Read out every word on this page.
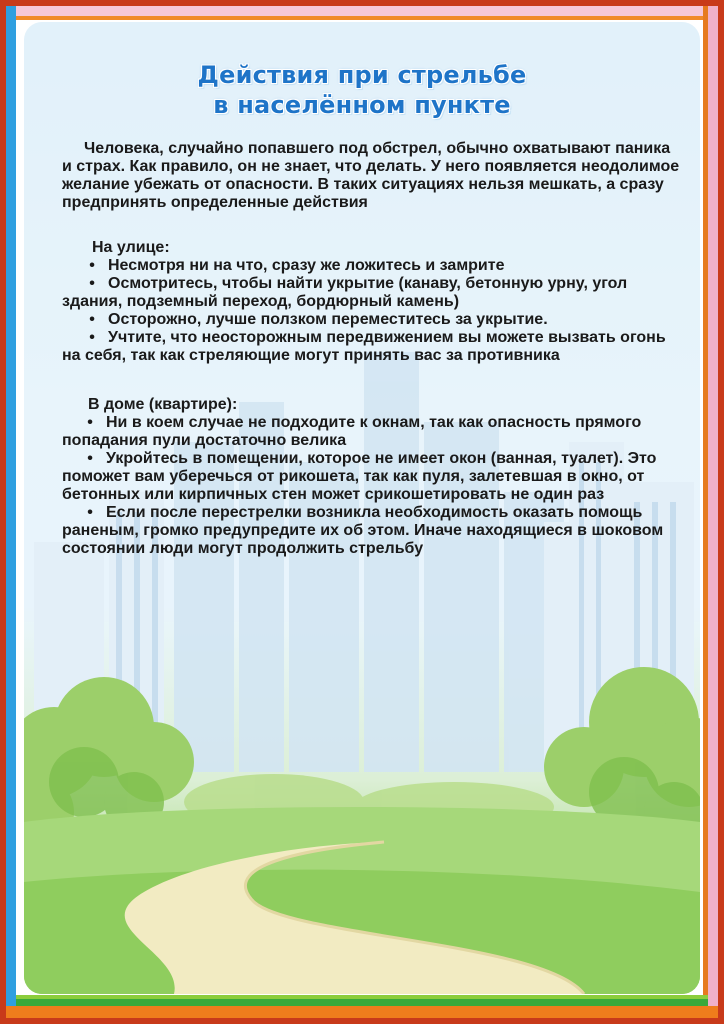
Действия при стрельбе
в населённом пункте

Человека, случайно попавшего под обстрел, обычно охватывают паника и страх. Как правило, он не знает, что делать. У него появляется неодолимое желание убежать от опасности. В таких ситуациях нельзя мешкать, а сразу предпринять определенные действия

На улице:

• Несмотря ни на что, сразу же ложитесь и замрите
• Осмотритесь, чтобы найти укрытие (канаву, бетонную урну, угол здания, подземный переход, бордюрный камень)
• Осторожно, лучше ползком переместитесь за укрытие.
• Учтите, что неосторожным передвижением вы можете вызвать огонь на себя, так как стреляющие могут принять вас за противника

В доме (квартире):

• Ни в коем случае не подходите к окнам, так как опасность прямого попадания пули достаточно велика
• Укройтесь в помещении, которое не имеет окон (ванная, туалет). Это поможет вам уберечься от рикошета, так как пуля, залетевшая в окно, от бетонных или кирпичных стен может срикошетировать не один раз
• Если после перестрелки возникла необходимость оказать помощь раненым, громко предупредите их об этом. Иначе находящиеся в шоковом состоянии люди могут продолжить стрельбу
